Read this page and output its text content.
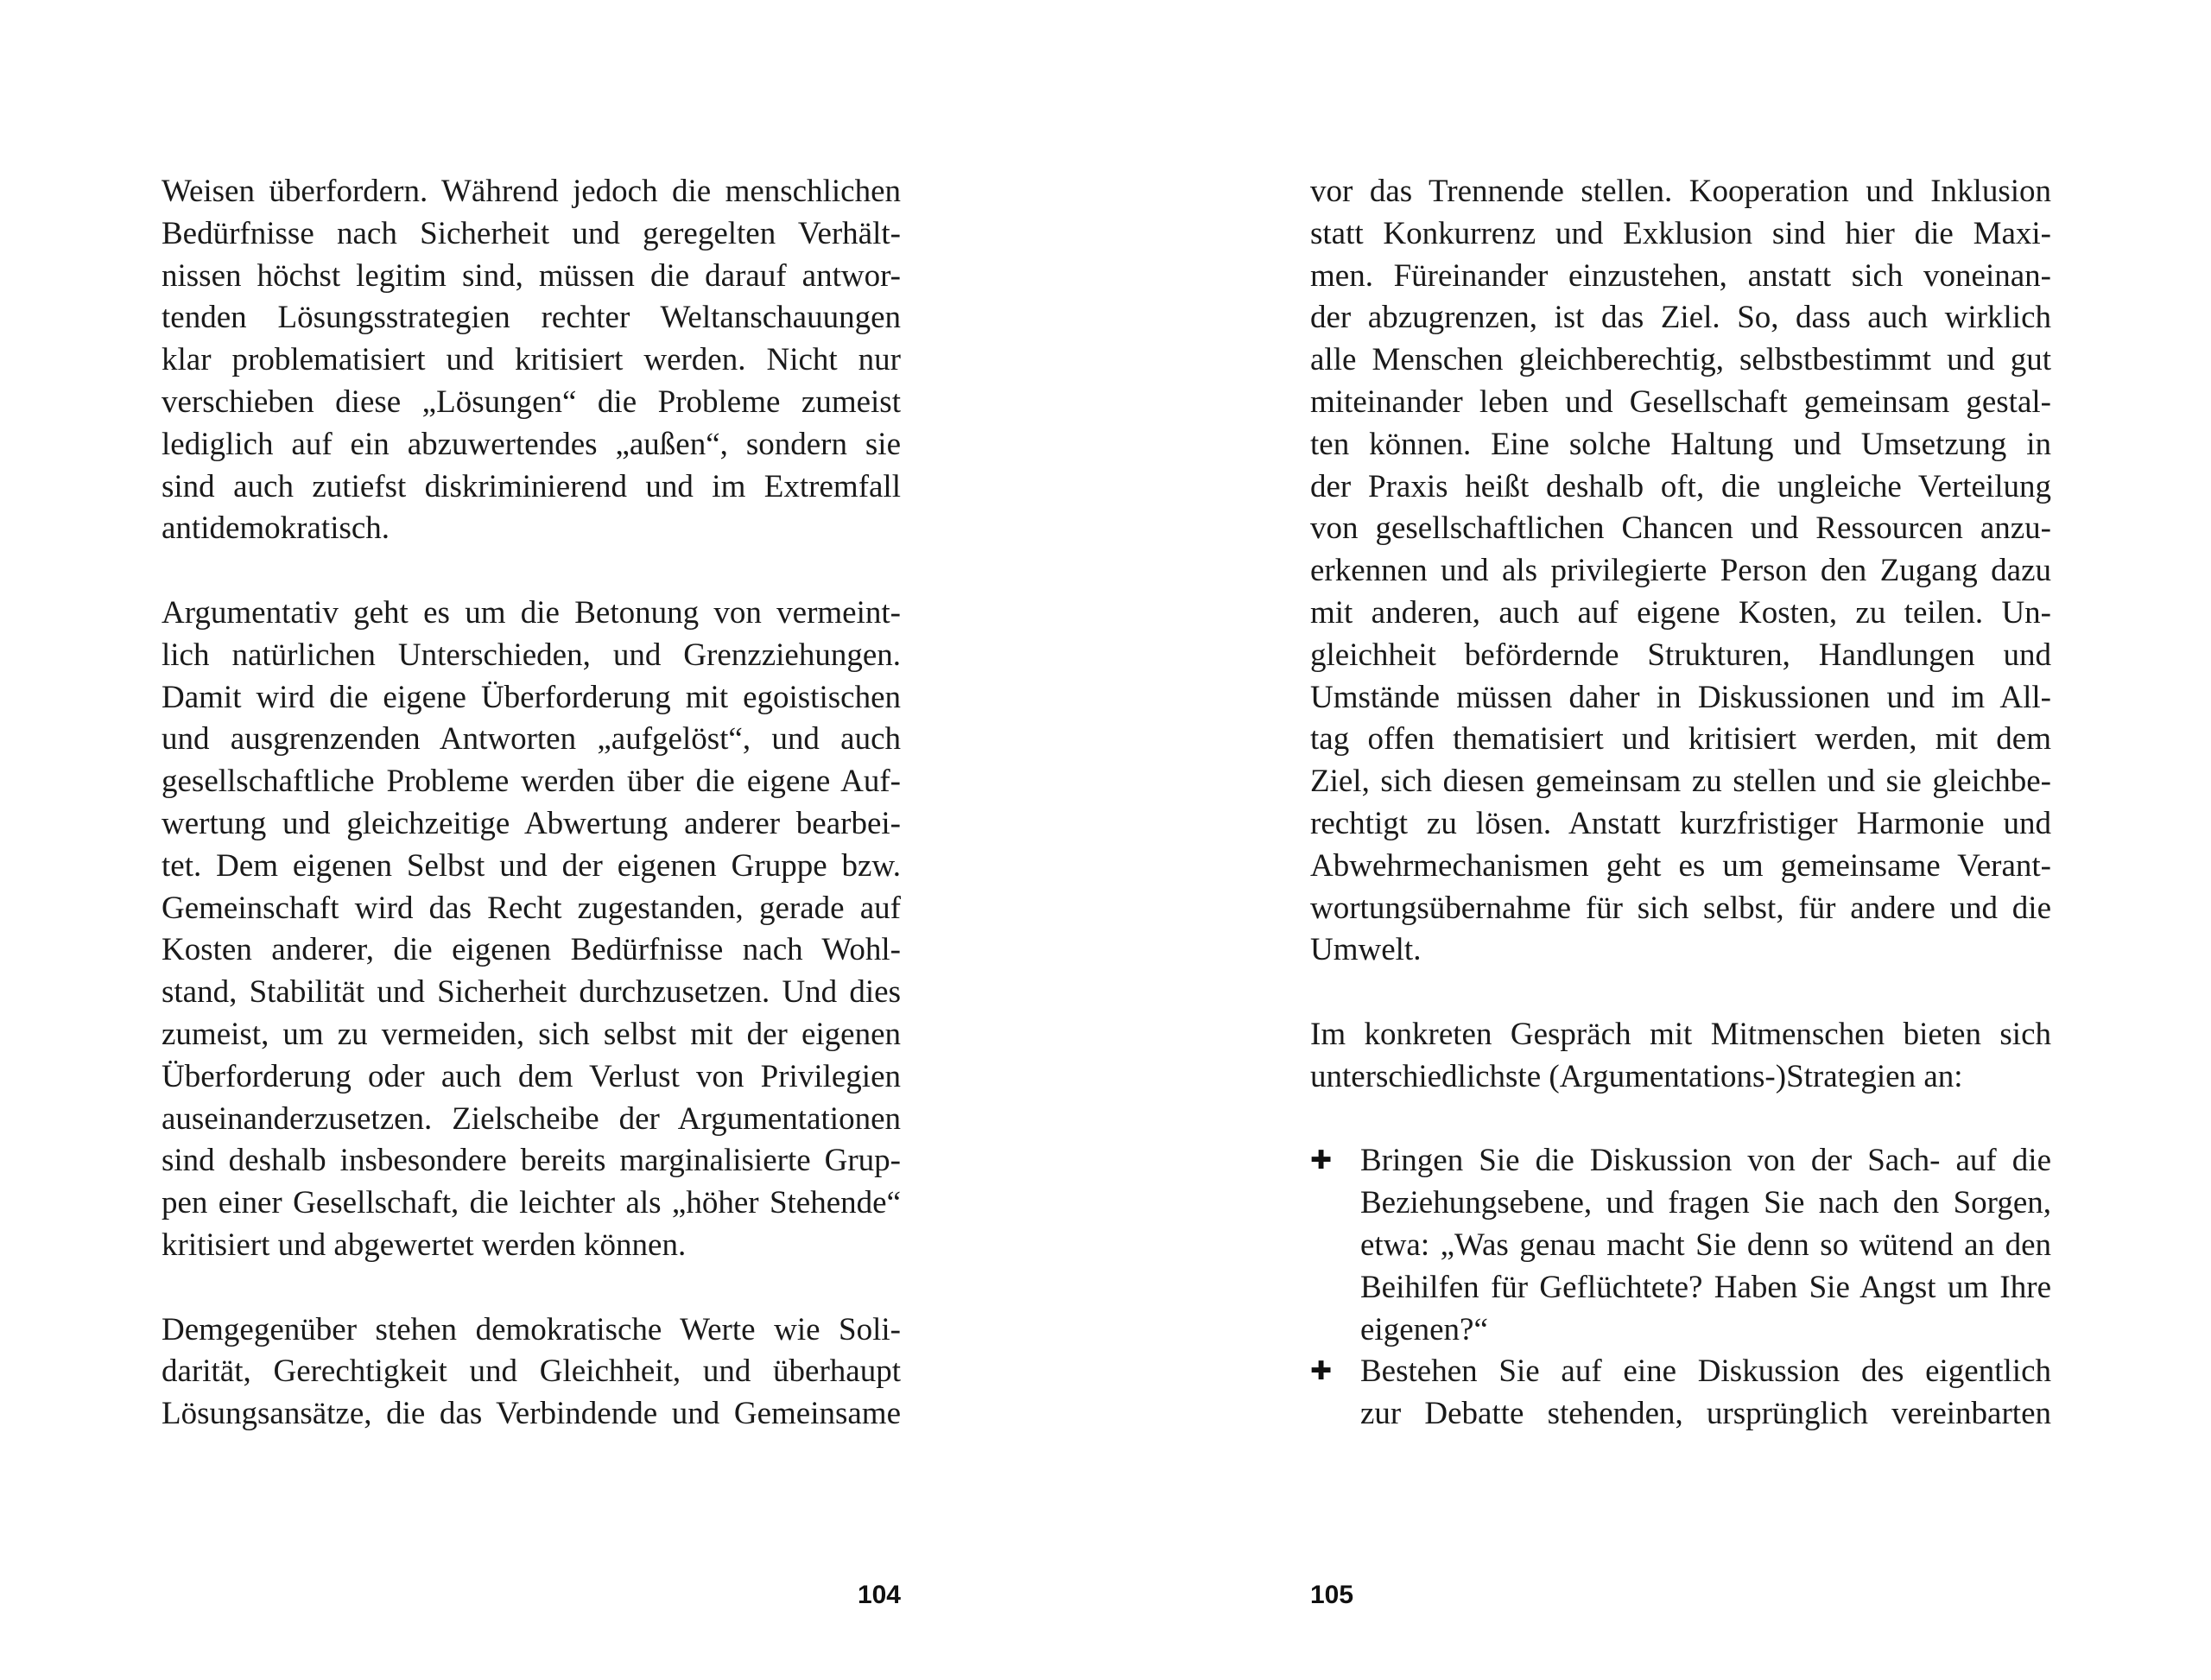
Weisen überfordern. Während jedoch die menschlichen
Bedürfnisse nach Sicherheit und geregelten Verhält-
nissen höchst legitim sind, müssen die darauf antwor-
tenden Lösungsstrategien rechter Weltanschauungen
klar problematisiert und kritisiert werden. Nicht nur
verschieben diese „Lösungen“ die Probleme zumeist
lediglich auf ein abzuwertendes „außen“, sondern sie
sind auch zutiefst diskriminierend und im Extremfall
antidemokratisch.

Argumentativ geht es um die Betonung von vermeint-
lich natürlichen Unterschieden, und Grenzziehungen.
Damit wird die eigene Überforderung mit egoistischen
und ausgrenzenden Antworten „aufgelöst“, und auch
gesellschaftliche Probleme werden über die eigene Auf-
wertung und gleichzeitige Abwertung anderer bearbei-
tet. Dem eigenen Selbst und der eigenen Gruppe bzw.
Gemeinschaft wird das Recht zugestanden, gerade auf
Kosten anderer, die eigenen Bedürfnisse nach Wohl-
stand, Stabilität und Sicherheit durchzusetzen. Und dies
zumeist, um zu vermeiden, sich selbst mit der eigenen
Überforderung oder auch dem Verlust von Privilegien
auseinanderzusetzen. Zielscheibe der Argumentationen
sind deshalb insbesondere bereits marginalisierte Grup-
pen einer Gesellschaft, die leichter als „höher Stehende“
kritisiert und abgewertet werden können.

Demgegenüber stehen demokratische Werte wie Soli-
darität, Gerechtigkeit und Gleichheit, und überhaupt
Lösungsansätze, die das Verbindende und Gemeinsame

104

vor das Trennende stellen. Kooperation und Inklusion
statt Konkurrenz und Exklusion sind hier die Maxi-
men. Füreinander einzustehen, anstatt sich voneinan-
der abzugrenzen, ist das Ziel. So, dass auch wirklich
alle Menschen gleichberechtig, selbstbestimmt und gut
miteinander leben und Gesellschaft gemeinsam gestal-
ten können. Eine solche Haltung und Umsetzung in
der Praxis heißt deshalb oft, die ungleiche Verteilung
von gesellschaftlichen Chancen und Ressourcen anzu-
erkennen und als privilegierte Person den Zugang dazu
mit anderen, auch auf eigene Kosten, zu teilen. Un-
gleichheit befördernde Strukturen, Handlungen und
Umstände müssen daher in Diskussionen und im All-
tag offen thematisiert und kritisiert werden, mit dem
Ziel, sich diesen gemeinsam zu stellen und sie gleichbe-
rechtigt zu lösen. Anstatt kurzfristiger Harmonie und
Abwehrmechanismen geht es um gemeinsame Verant-
wortungsübernahme für sich selbst, für andere und die
Umwelt.

Im konkreten Gespräch mit Mitmenschen bieten sich
unterschiedlichste (Argumentations-)Strategien an:

✚ Bringen Sie die Diskussion von der Sach- auf die
Beziehungsebene, und fragen Sie nach den Sorgen,
etwa: „Was genau macht Sie denn so wütend an den
Beihilfen für Geflüchtete? Haben Sie Angst um Ihre
eigenen?“
✚ Bestehen Sie auf eine Diskussion des eigentlich
zur Debatte stehenden, ursprünglich vereinbarten
105
